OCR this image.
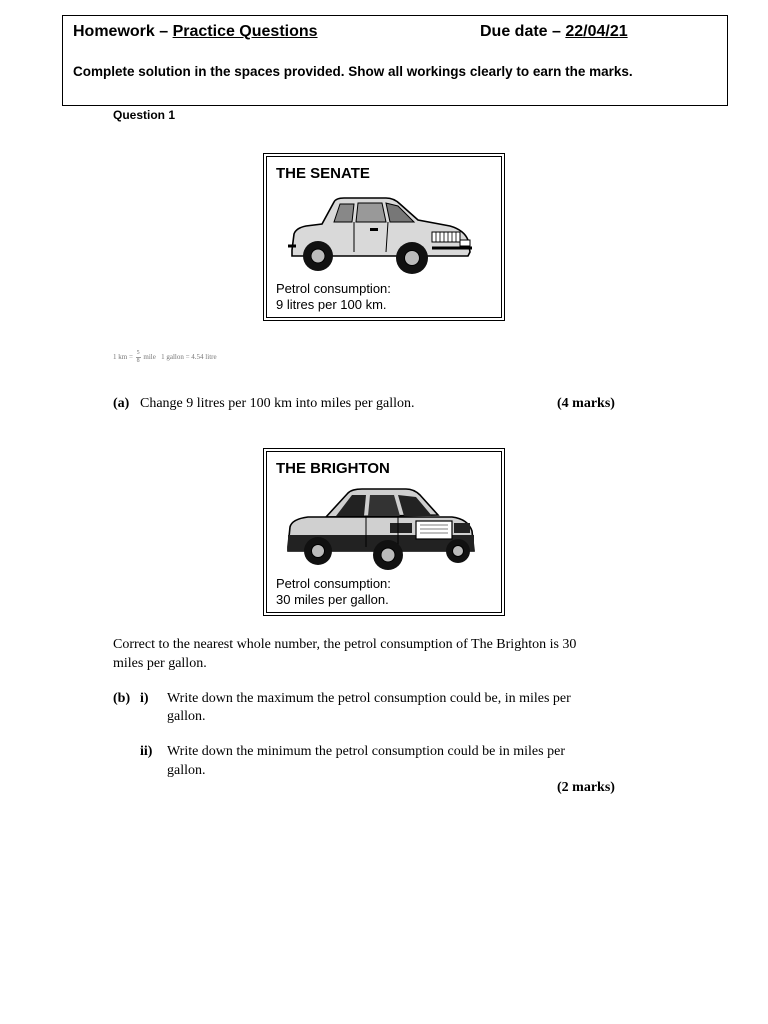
Homework – Practice Questions	Due date – 22/04/21
Complete solution in the spaces provided. Show all workings clearly to earn the marks.
Question 1
THE SENATE
Petrol consumption:
9 litres per 100 km.
1 km = $\frac{5}{8}$ mile 1 gallon = 4.54 litre
(a) Change 9 litres per 100 km into miles per gallon.	(4 marks)
THE BRIGHTON
Petrol consumption:
30 miles per gallon.
Correct to the nearest whole number, the petrol consumption of The Brighton is 30
miles per gallon.
(b) i) Write down the maximum the petrol consumption could be, in miles per
gallon.
ii) Write down the minimum the petrol consumption could be in miles per
gallon.
(2 marks)
